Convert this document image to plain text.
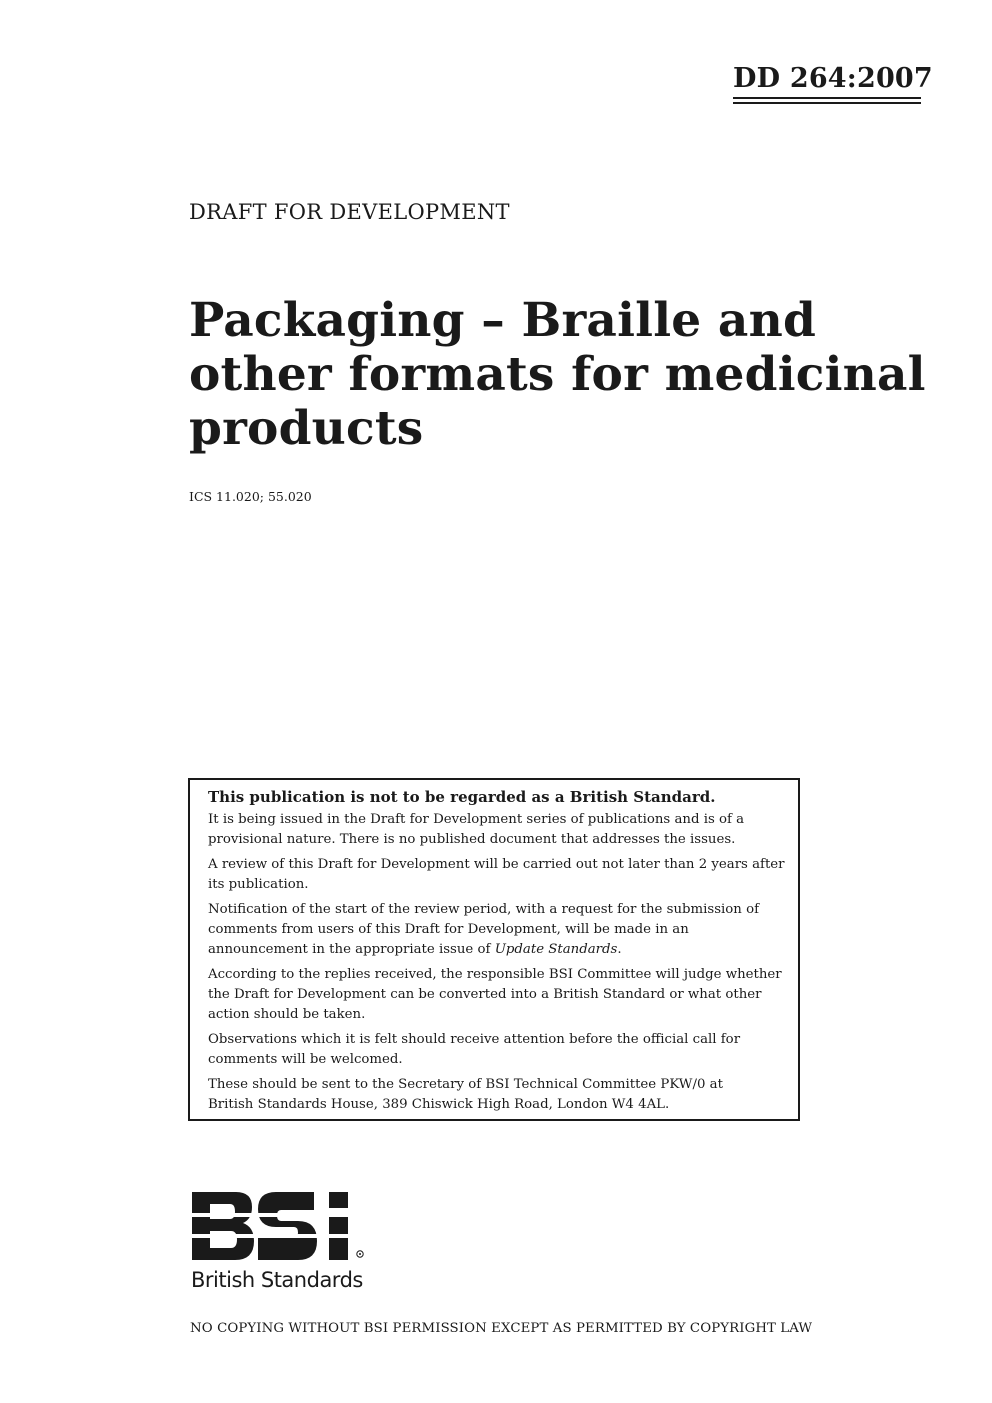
DD 264:2007
DRAFT FOR DEVELOPMENT
Packaging – Braille and
other formats for medicinal
products
ICS 11.020; 55.020
This publication is not to be regarded as a British Standard.
It is being issued in the Draft for Development series of publications and is of a
provisional nature. There is no published document that addresses the issues.
A review of this Draft for Development will be carried out not later than 2 years after
its publication.
Notification of the start of the review period, with a request for the submission of
comments from users of this Draft for Development, will be made in an
announcement in the appropriate issue of Update Standards.
According to the replies received, the responsible BSI Committee will judge whether
the Draft for Development can be converted into a British Standard or what other
action should be taken.
Observations which it is felt should receive attention before the official call for
comments will be welcomed.
These should be sent to the Secretary of BSI Technical Committee PKW/0 at
British Standards House, 389 Chiswick High Road, London W4 4AL.
British Standards
NO COPYING WITHOUT BSI PERMISSION EXCEPT AS PERMITTED BY COPYRIGHT LAW
